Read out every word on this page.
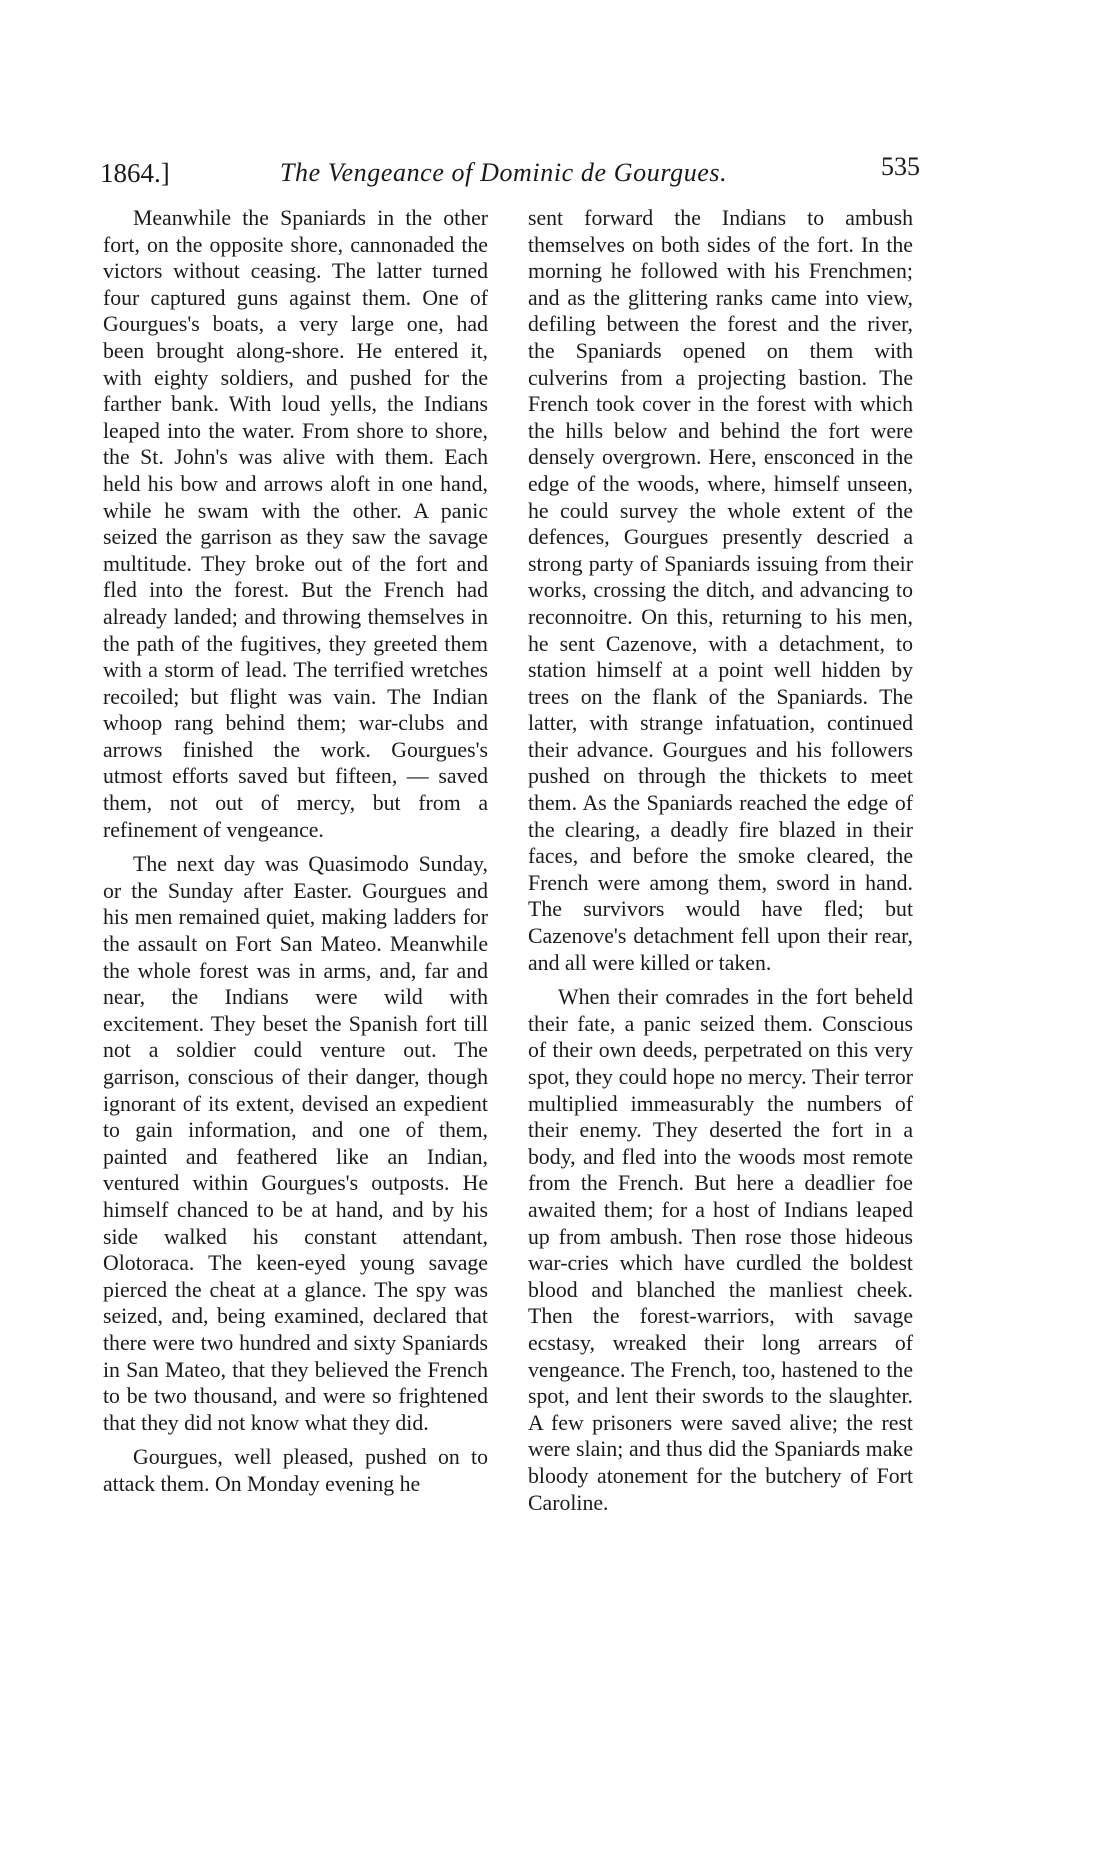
1864.]	The Vengeance of Dominic de Gourgues.	535

Meanwhile the Spaniards in the other fort, on the opposite shore, cannonaded the victors without ceasing. The latter turned four captured guns against them. One of Gourgues's boats, a very large one, had been brought along-shore. He entered it, with eighty soldiers, and pushed for the farther bank. With loud yells, the Indians leaped into the water. From shore to shore, the St. John's was alive with them. Each held his bow and arrows aloft in one hand, while he swam with the other. A panic seized the garrison as they saw the savage multitude. They broke out of the fort and fled into the forest. But the French had already landed; and throwing themselves in the path of the fugitives, they greeted them with a storm of lead. The terrified wretches recoiled; but flight was vain. The Indian whoop rang behind them; war-clubs and arrows finished the work. Gourgues's utmost efforts saved but fifteen, — saved them, not out of mercy, but from a refinement of vengeance.

The next day was Quasimodo Sunday, or the Sunday after Easter. Gourgues and his men remained quiet, making ladders for the assault on Fort San Mateo. Meanwhile the whole forest was in arms, and, far and near, the Indians were wild with excitement. They beset the Spanish fort till not a soldier could venture out. The garrison, conscious of their danger, though ignorant of its extent, devised an expedient to gain information, and one of them, painted and feathered like an Indian, ventured within Gourgues's outposts. He himself chanced to be at hand, and by his side walked his constant attendant, Olotoraca. The keen-eyed young savage pierced the cheat at a glance. The spy was seized, and, being examined, declared that there were two hundred and sixty Spaniards in San Mateo, that they believed the French to be two thousand, and were so frightened that they did not know what they did.

Gourgues, well pleased, pushed on to attack them. On Monday evening he

sent forward the Indians to ambush themselves on both sides of the fort. In the morning he followed with his Frenchmen; and as the glittering ranks came into view, defiling between the forest and the river, the Spaniards opened on them with culverins from a projecting bastion. The French took cover in the forest with which the hills below and behind the fort were densely overgrown. Here, ensconced in the edge of the woods, where, himself unseen, he could survey the whole extent of the defences, Gourgues presently descried a strong party of Spaniards issuing from their works, crossing the ditch, and advancing to reconnoitre. On this, returning to his men, he sent Cazenove, with a detachment, to station himself at a point well hidden by trees on the flank of the Spaniards. The latter, with strange infatuation, continued their advance. Gourgues and his followers pushed on through the thickets to meet them. As the Spaniards reached the edge of the clearing, a deadly fire blazed in their faces, and before the smoke cleared, the French were among them, sword in hand. The survivors would have fled; but Cazenove's detachment fell upon their rear, and all were killed or taken.

When their comrades in the fort beheld their fate, a panic seized them. Conscious of their own deeds, perpetrated on this very spot, they could hope no mercy. Their terror multiplied immeasurably the numbers of their enemy. They deserted the fort in a body, and fled into the woods most remote from the French. But here a deadlier foe awaited them; for a host of Indians leaped up from ambush. Then rose those hideous war-cries which have curdled the boldest blood and blanched the manliest cheek. Then the forest-warriors, with savage ecstasy, wreaked their long arrears of vengeance. The French, too, hastened to the spot, and lent their swords to the slaughter. A few prisoners were saved alive; the rest were slain; and thus did the Spaniards make bloody atonement for the butchery of Fort Caroline.
